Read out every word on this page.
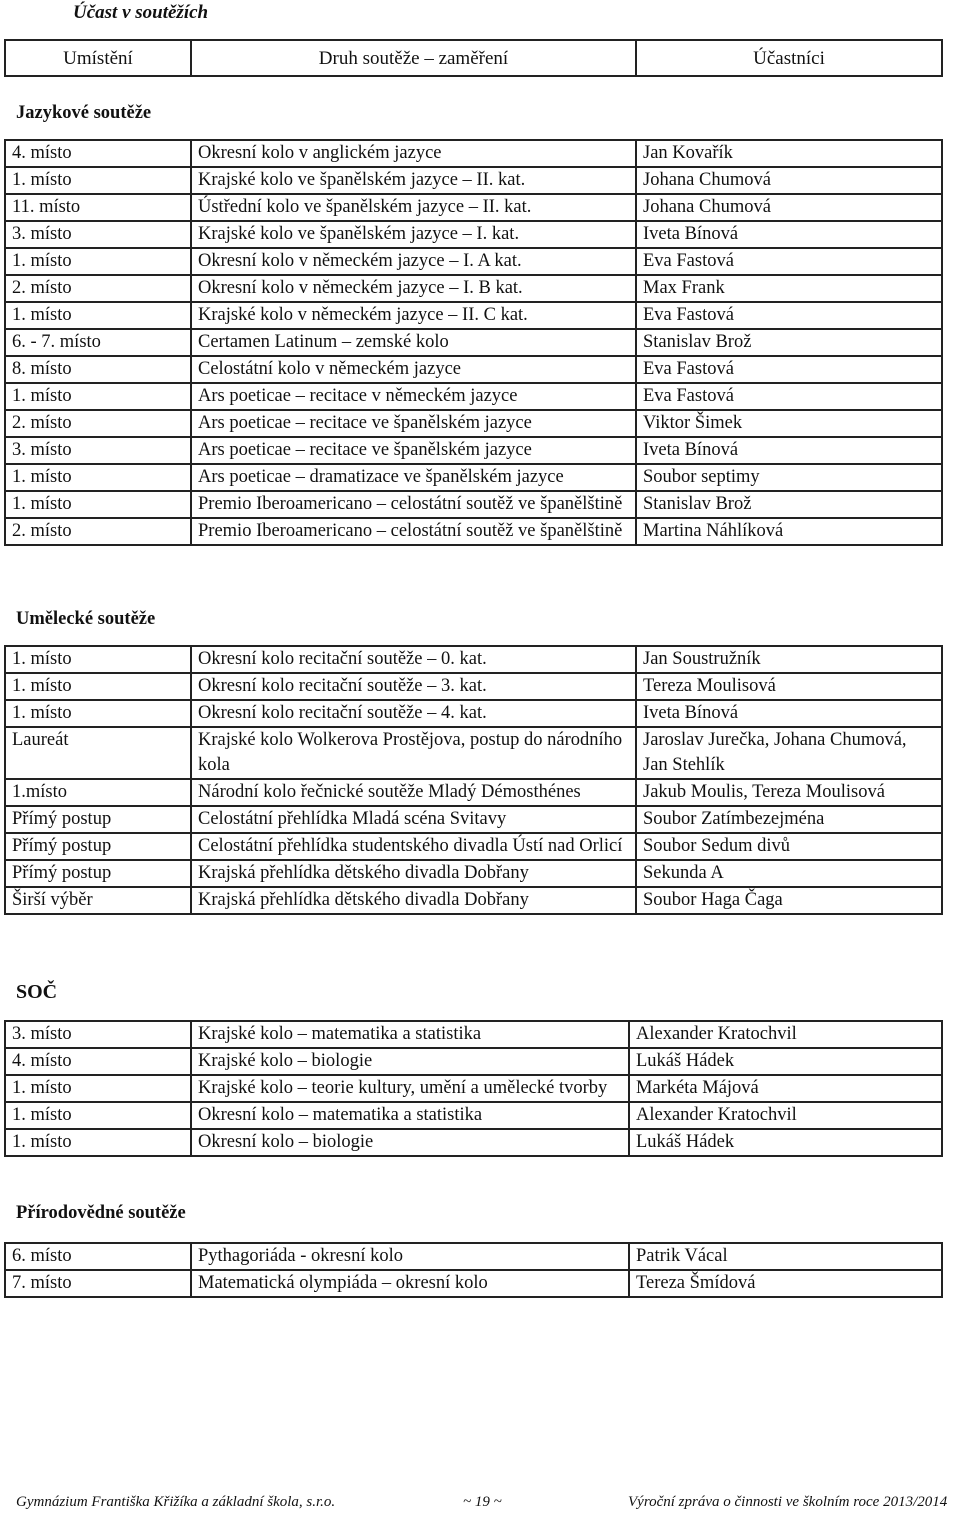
Účast v soutěžích
Umístění	Druh soutěže – zaměření	Účastníci
Jazykové soutěže
4. místo	Okresní kolo v anglickém jazyce	Jan Kovařík
1. místo	Krajské kolo ve španělském jazyce – II. kat.	Johana Chumová
11. místo	Ústřední kolo ve španělském jazyce – II. kat.	Johana Chumová
3. místo	Krajské kolo ve španělském jazyce – I. kat.	Iveta Bínová
1. místo	Okresní kolo v německém jazyce – I. A kat.	Eva Fastová
2. místo	Okresní kolo v německém jazyce – I. B kat.	Max Frank
1. místo	Krajské kolo v německém jazyce – II. C kat.	Eva Fastová
6. - 7. místo	Certamen Latinum – zemské kolo	Stanislav Brož
8. místo	Celostátní kolo v německém jazyce	Eva Fastová
1. místo	Ars poeticae – recitace v německém jazyce	Eva Fastová
2. místo	Ars poeticae – recitace ve španělském jazyce	Viktor Šimek
3. místo	Ars poeticae – recitace ve španělském jazyce	Iveta Bínová
1. místo	Ars poeticae – dramatizace ve španělském jazyce	Soubor septimy
1. místo	Premio Iberoamericano – celostátní soutěž ve španělštině	Stanislav Brož
2. místo	Premio Iberoamericano – celostátní soutěž ve španělštině	Martina Náhlíková
Umělecké soutěže
1. místo	Okresní kolo recitační soutěže – 0. kat.	Jan Soustružník
1. místo	Okresní kolo recitační soutěže – 3. kat.	Tereza Moulisová
1. místo	Okresní kolo recitační soutěže – 4. kat.	Iveta Bínová
Laureát	Krajské kolo Wolkerova Prostějova, postup do národního kola	Jaroslav Jurečka, Johana Chumová, Jan Stehlík
1.místo	Národní kolo řečnické soutěže Mladý Démosthénes	Jakub Moulis, Tereza Moulisová
Přímý postup	Celostátní přehlídka Mladá scéna Svitavy	Soubor Zatímbezejména
Přímý postup	Celostátní přehlídka studentského divadla Ústí nad Orlicí	Soubor Sedum divů
Přímý postup	Krajská přehlídka dětského divadla Dobřany	Sekunda A
Širší výběr	Krajská přehlídka dětského divadla Dobřany	Soubor Haga Čaga
SOČ
3. místo	Krajské kolo – matematika a statistika	Alexander Kratochvil
4. místo	Krajské kolo – biologie	Lukáš Hádek
1. místo	Krajské kolo – teorie kultury, umění a umělecké tvorby	Markéta Májová
1. místo	Okresní kolo – matematika a statistika	Alexander Kratochvil
1. místo	Okresní kolo – biologie	Lukáš Hádek
Přírodovědné soutěže
6. místo	Pythagoriáda - okresní kolo	Patrik Vácal
7. místo	Matematická olympiáda – okresní kolo	Tereza Šmídová
Gymnázium Františka Křižíka a základní škola, s.r.o.	~ 19 ~	Výroční zpráva o činnosti ve školním roce 2013/2014
